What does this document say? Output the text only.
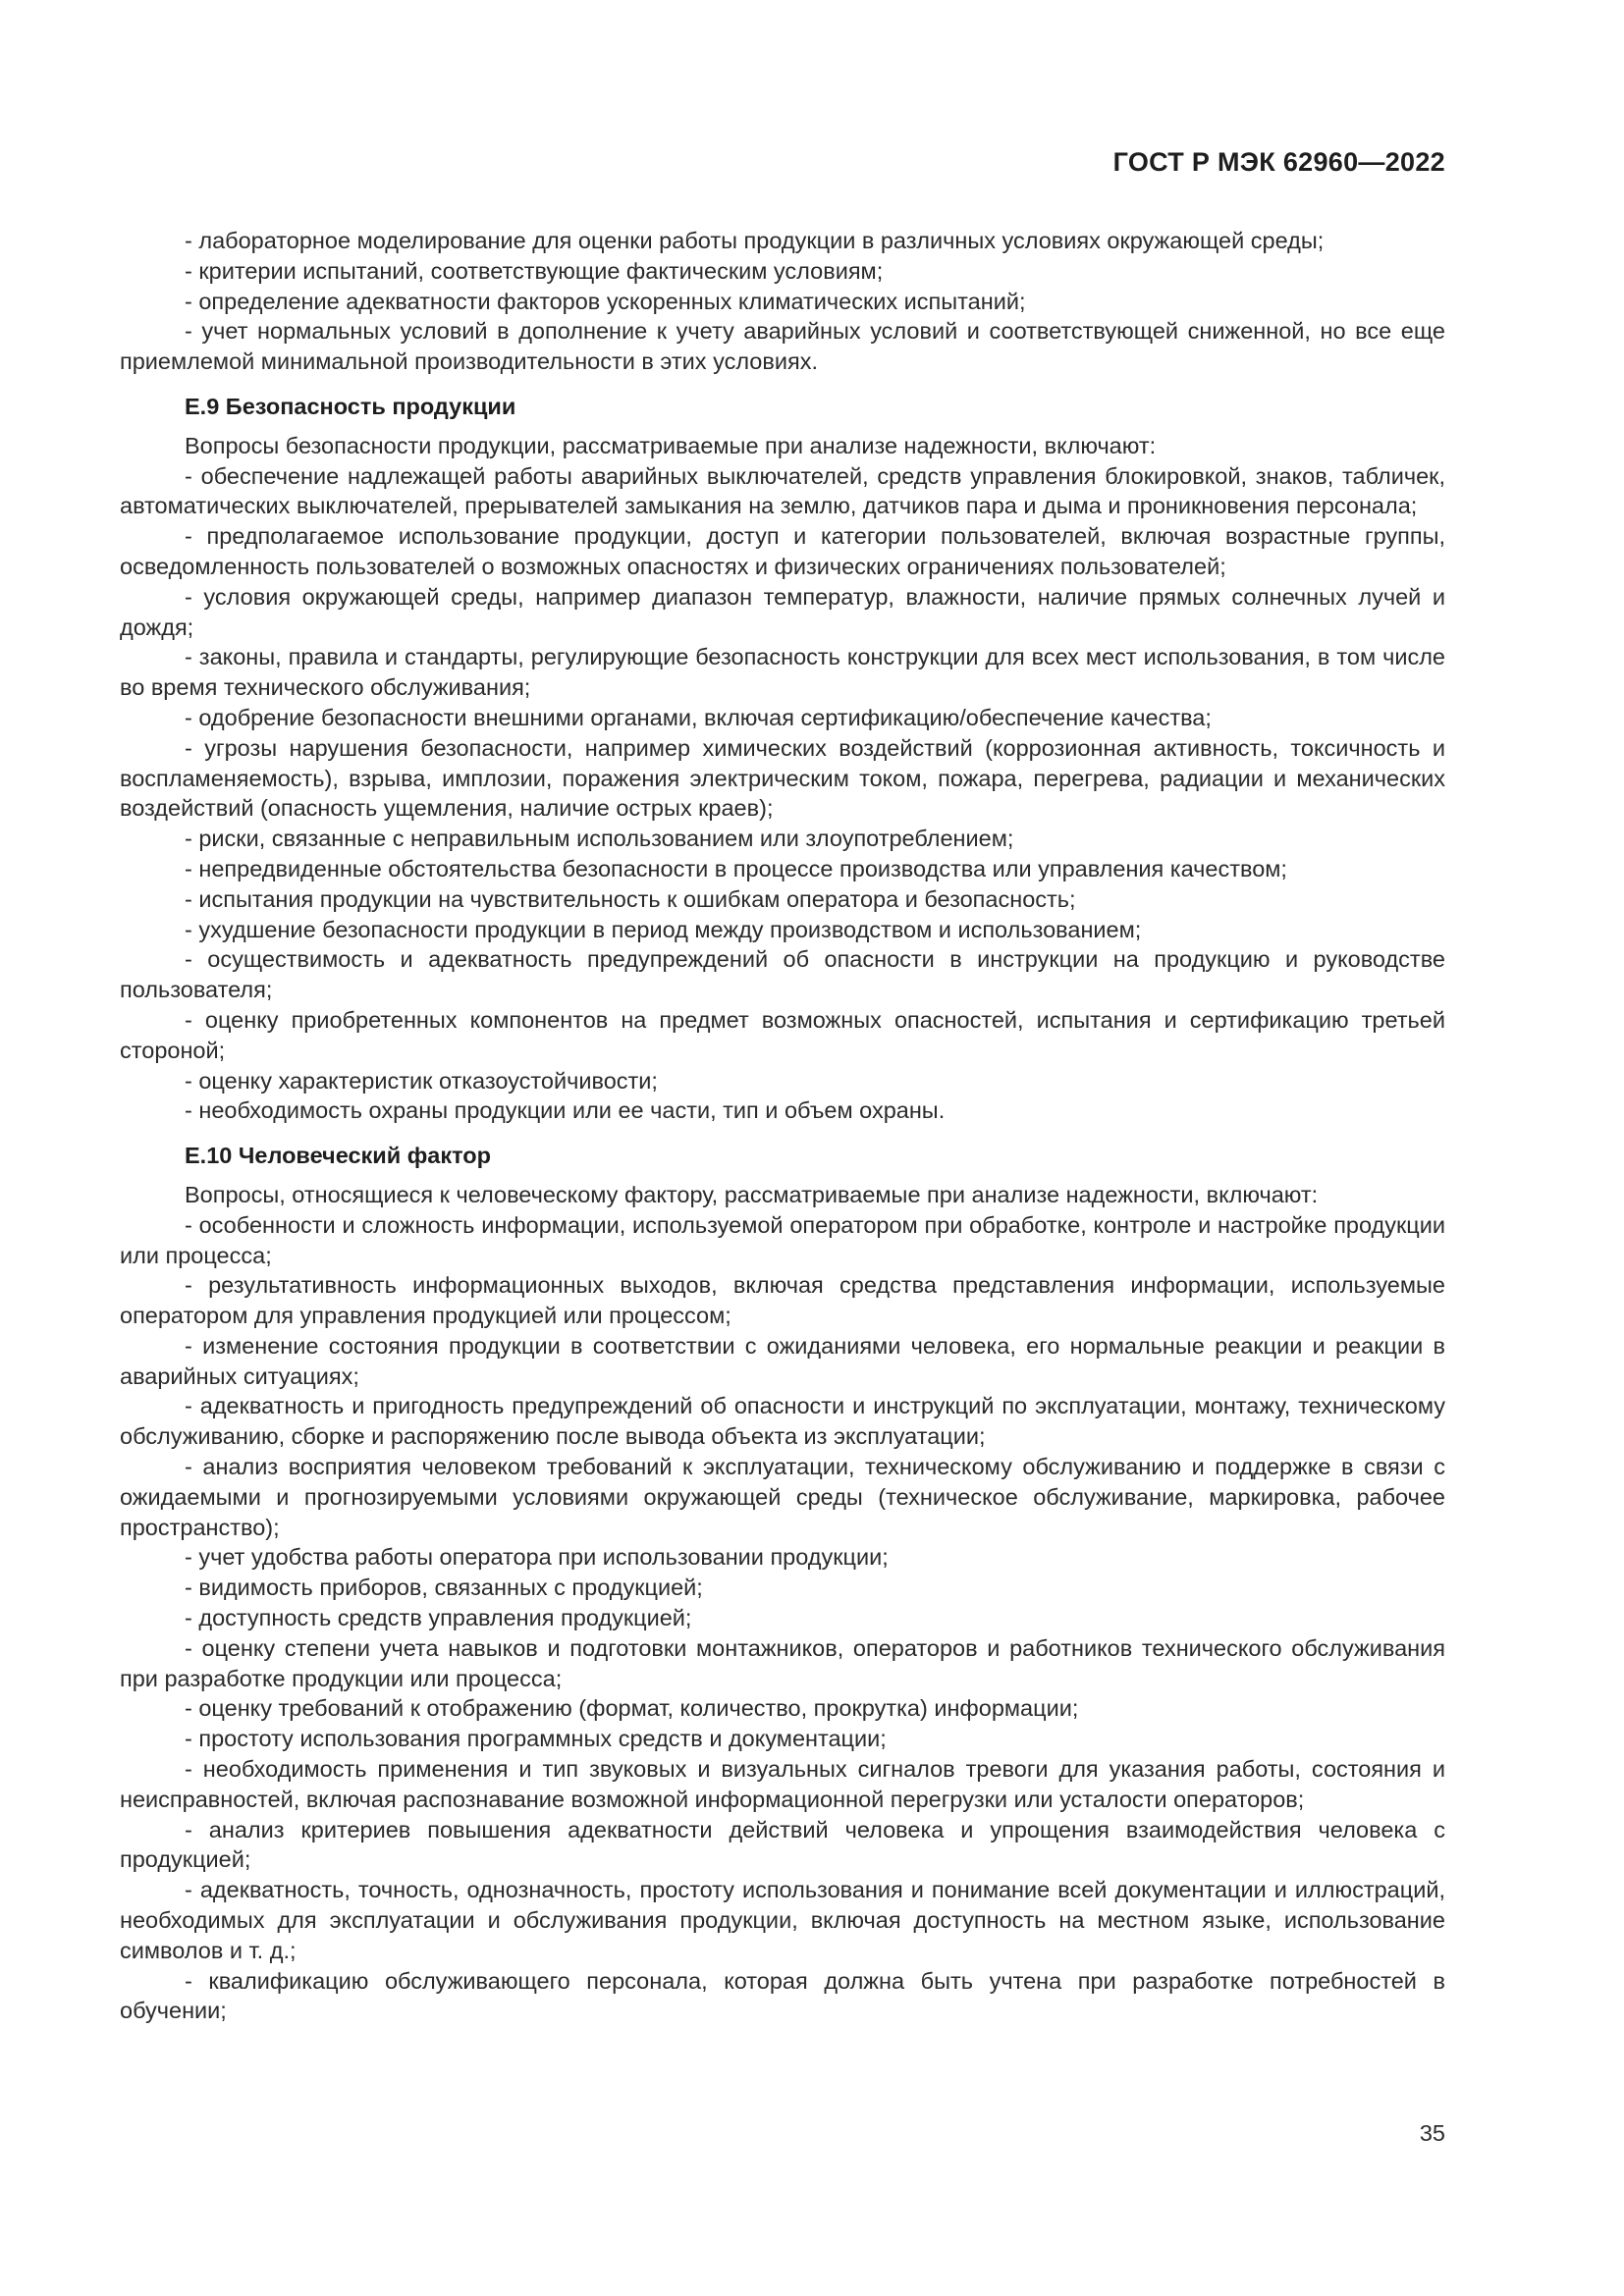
ГОСТ Р МЭК 62960—2022

- лабораторное моделирование для оценки работы продукции в различных условиях окружающей среды;

- критерии испытаний, соответствующие фактическим условиям;

- определение адекватности факторов ускоренных климатических испытаний;

- учет нормальных условий в дополнение к учету аварийных условий и соответствующей сниженной, но все еще приемлемой минимальной производительности в этих условиях.

Е.9 Безопасность продукции

Вопросы безопасности продукции, рассматриваемые при анализе надежности, включают:

- обеспечение надлежащей работы аварийных выключателей, средств управления блокировкой, знаков, табличек, автоматических выключателей, прерывателей замыкания на землю, датчиков пара и дыма и проникновения персонала;

- предполагаемое использование продукции, доступ и категории пользователей, включая возрастные группы, осведомленность пользователей о возможных опасностях и физических ограничениях пользователей;

- условия окружающей среды, например диапазон температур, влажности, наличие прямых солнечных лучей и дождя;

- законы, правила и стандарты, регулирующие безопасность конструкции для всех мест использования, в том числе во время технического обслуживания;

- одобрение безопасности внешними органами, включая сертификацию/обеспечение качества;

- угрозы нарушения безопасности, например химических воздействий (коррозионная активность, токсичность и воспламеняемость), взрыва, имплозии, поражения электрическим током, пожара, перегрева, радиации и механических воздействий (опасность ущемления, наличие острых краев);

- риски, связанные с неправильным использованием или злоупотреблением;

- непредвиденные обстоятельства безопасности в процессе производства или управления качеством;

- испытания продукции на чувствительность к ошибкам оператора и безопасность;

- ухудшение безопасности продукции в период между производством и использованием;

- осуществимость и адекватность предупреждений об опасности в инструкции на продукцию и руководстве пользователя;

- оценку приобретенных компонентов на предмет возможных опасностей, испытания и сертификацию третьей стороной;

- оценку характеристик отказоустойчивости;

- необходимость охраны продукции или ее части, тип и объем охраны.

Е.10 Человеческий фактор

Вопросы, относящиеся к человеческому фактору, рассматриваемые при анализе надежности, включают:

- особенности и сложность информации, используемой оператором при обработке, контроле и настройке продукции или процесса;

- результативность информационных выходов, включая средства представления информации, используемые оператором для управления продукцией или процессом;

- изменение состояния продукции в соответствии с ожиданиями человека, его нормальные реакции и реакции в аварийных ситуациях;

- адекватность и пригодность предупреждений об опасности и инструкций по эксплуатации, монтажу, техническому обслуживанию, сборке и распоряжению после вывода объекта из эксплуатации;

- анализ восприятия человеком требований к эксплуатации, техническому обслуживанию и поддержке в связи с ожидаемыми и прогнозируемыми условиями окружающей среды (техническое обслуживание, маркировка, рабочее пространство);

- учет удобства работы оператора при использовании продукции;

- видимость приборов, связанных с продукцией;

- доступность средств управления продукцией;

- оценку степени учета навыков и подготовки монтажников, операторов и работников технического обслуживания при разработке продукции или процесса;

- оценку требований к отображению (формат, количество, прокрутка) информации;

- простоту использования программных средств и документации;

- необходимость применения и тип звуковых и визуальных сигналов тревоги для указания работы, состояния и неисправностей, включая распознавание возможной информационной перегрузки или усталости операторов;

- анализ критериев повышения адекватности действий человека и упрощения взаимодействия человека с продукцией;

- адекватность, точность, однозначность, простоту использования и понимание всей документации и иллюстраций, необходимых для эксплуатации и обслуживания продукции, включая доступность на местном языке, использование символов и т. д.;

- квалификацию обслуживающего персонала, которая должна быть учтена при разработке потребностей в обучении;

35
